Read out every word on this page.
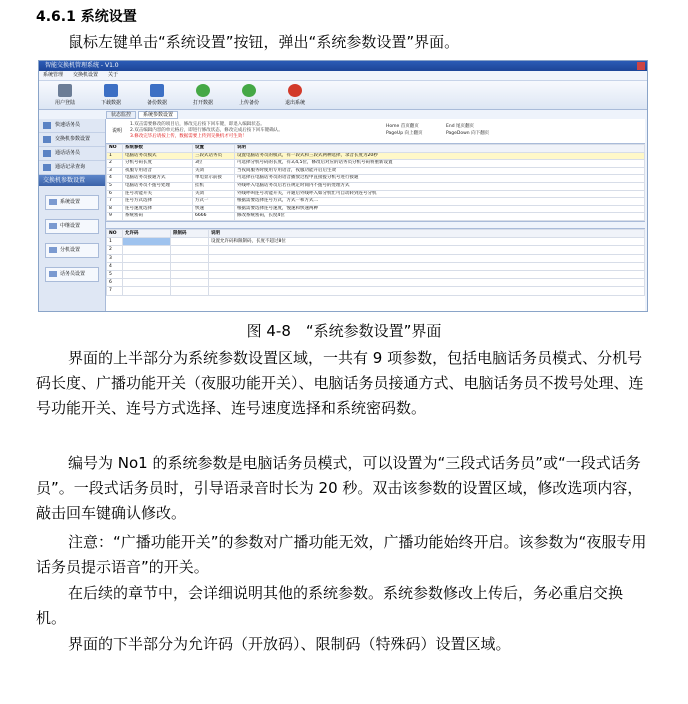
4.6.1 系统设置
鼠标左键单击“系统设置”按钮，弹出“系统参数设置”界面。
智能交换机管理系统 - V1.0
系统管理 交换机设置 关于
用户登陆	下载数据	备份数据	打开数据	上传备份	退出系统
状态监控	系统参数设置
快速话务员
交换机参数设置
通话话务员
通话记录查询
交换机参数设置
系统设置
中继设置
分机设置
话务员设置
说明
1.双击需要修改的项目后，修改完后按下回车键，即退入编辑状态。
2.双击编辑内容的单元格后，即进行修改状态，修改完成后按下回车键确认。
3.修改完毕后请按上传，数据需要上传到交换机才可生效！
Home 首页翻页
PageUp 向上翻页
End 尾页翻页
PageDown 向下翻页
NO	系统参数	设置	说明
1	电脑话务员模式	三段式话务员	设置电脑话务员的模式，有一段式和三段式两种选择，录音长度为20秒
2	分机号码长度	3位	可选择分机号码的长度，有3,4,5位，修改后对应的话务员分机号码将重新设置
3	夜服专用语音	关闭	当夜间服务时使用专用语音，夜服功能开启后生效
4	电脑话务员接通方式	单电显示前接	可选择在电脑话务员的语音播放过程中直接拨分机号进行接通
5	电脑话务员不拨号处理	挂机	外线呼入电脑话务员后若在规定时间内不拨号的处理方式
6	连号功能开关	关闭	外线呼叫连号功能开关，开通后外线呼入如分机忙可自动转到连号分机
7	连号方式选择	方式一	根据需要选择连号方式，方式一和方式二
8	连号速度选择	快速	根据需要选择连号速度，慢速和快速两种
9	系统密码	6666	修改系统密码，长度4位
NO	允许码	限制码	说明
1			设置允许码和限制码，长度不超过8位
2			
3			
4			
5			
6			
7			
图 4-8　“系统参数设置”界面
界面的上半部分为系统参数设置区域，一共有 9 项参数，包括电脑话务员模式、分机号码长度、广播功能开关（夜服功能开关）、电脑话务员接通方式、电脑话务员不拨号处理、连号功能开关、连号方式选择、连号速度选择和系统密码数。
编号为 No1 的系统参数是电脑话务员模式，可以设置为“三段式话务员”或“一段式话务员”。一段式话务员时，引导语录音时长为 20 秒。双击该参数的设置区域，修改选项内容，敲击回车键确认修改。
注意：“广播功能开关”的参数对广播功能无效，广播功能始终开启。该参数为“夜服专用话务员提示语音”的开关。
在后续的章节中，会详细说明其他的系统参数。系统参数修改上传后，务必重启交换机。
界面的下半部分为允许码（开放码）、限制码（特殊码）设置区域。
